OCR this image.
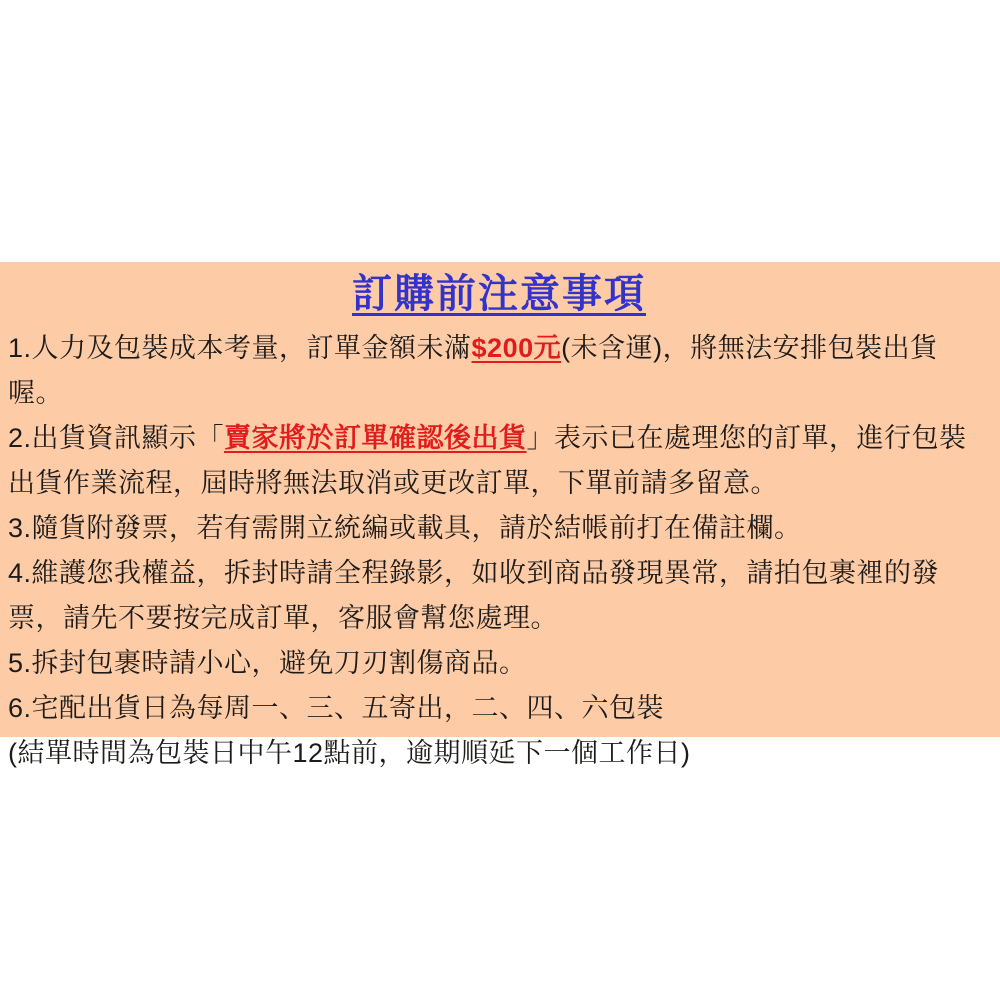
訂購前注意事項

1.人力及包裝成本考量，訂單金額未滿$200元(未含運)，將無法安排包裝出貨喔。

2.出貨資訊顯示「賣家將於訂單確認後出貨」表示已在處理您的訂單，進行包裝出貨作業流程，屆時將無法取消或更改訂單，下單前請多留意。

3.隨貨附發票，若有需開立統編或載具，請於結帳前打在備註欄。

4.維護您我權益，拆封時請全程錄影，如收到商品發現異常，請拍包裹裡的發票，請先不要按完成訂單，客服會幫您處理。

5.拆封包裹時請小心，避免刀刃割傷商品。

6.宅配出貨日為每周一、三、五寄出，二、四、六包裝

(結單時間為包裝日中午12點前，逾期順延下一個工作日)
